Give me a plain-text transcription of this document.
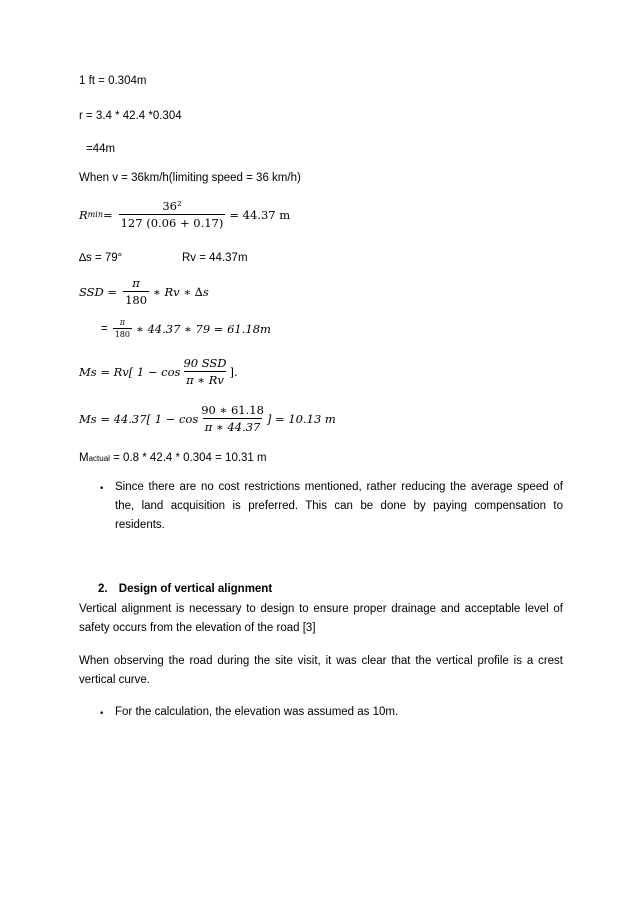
1 ft = 0.304m
r = 3.4 * 42.4 *0.304
=44m
When v = 36km/h(limiting speed = 36 km/h)
R $\min = \frac{\text{36²}}{127 (0.06 + 0.17)} = 44.37$ m
∆s = 79°	Rv = 44.37m
SSD = $\frac{\pi}{180}$ ∗ Rv ∗ ∆s
= $\frac{\pi}{180}$ ∗ 44.37 ∗ 79 = 61.18m
Ms = Rv[ $1 - \cos \frac{\text{90 SSD}}{\pi ∗ Rv}$ ].
Ms = 44.37[ $1 - \cos \frac{90 ∗ 61.18}{\pi ∗ 44.37}$ ] = 10.13 m
Mactual = 0.8 * 42.4 * 0.304 = 10.31 m
• Since there are no cost restrictions mentioned, rather reducing the average speed of the, land acquisition is preferred. This can be done by paying compensation to residents.
2. Design of vertical alignment
Vertical alignment is necessary to design to ensure proper drainage and acceptable level of safety occurs from the elevation of the road [3]
When observing the road during the site visit, it was clear that the vertical profile is a crest vertical curve.
• For the calculation, the elevation was assumed as 10m.
